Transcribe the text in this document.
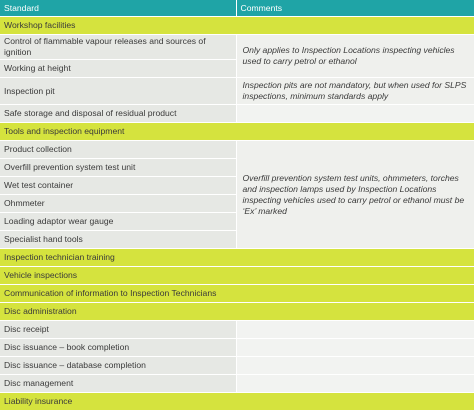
Standard	Comments
Workshop facilities	
Control of flammable vapour releases and sources of ignition	Only applies to Inspection Locations inspecting vehicles used to carry petrol or ethanol
Working at height	
Inspection pit	Inspection pits are not mandatory, but when used for SLPS inspections, minimum standards apply
Safe storage and disposal of residual product	
Tools and inspection equipment	
Product collection	Overfill prevention system test units, ohmmeters, torches and inspection lamps used by Inspection Locations inspecting vehicles used to carry petrol or ethanol must be ‘Ex’ marked
Overfill prevention system test unit	
Wet test container	
Ohmmeter	
Loading adaptor wear gauge	
Specialist hand tools	
Inspection technician training	
Vehicle inspections	
Communication of information to Inspection Technicians	
Disc administration	
Disc receipt	
Disc issuance – book completion	
Disc issuance – database completion	
Disc management	
Liability insurance	
